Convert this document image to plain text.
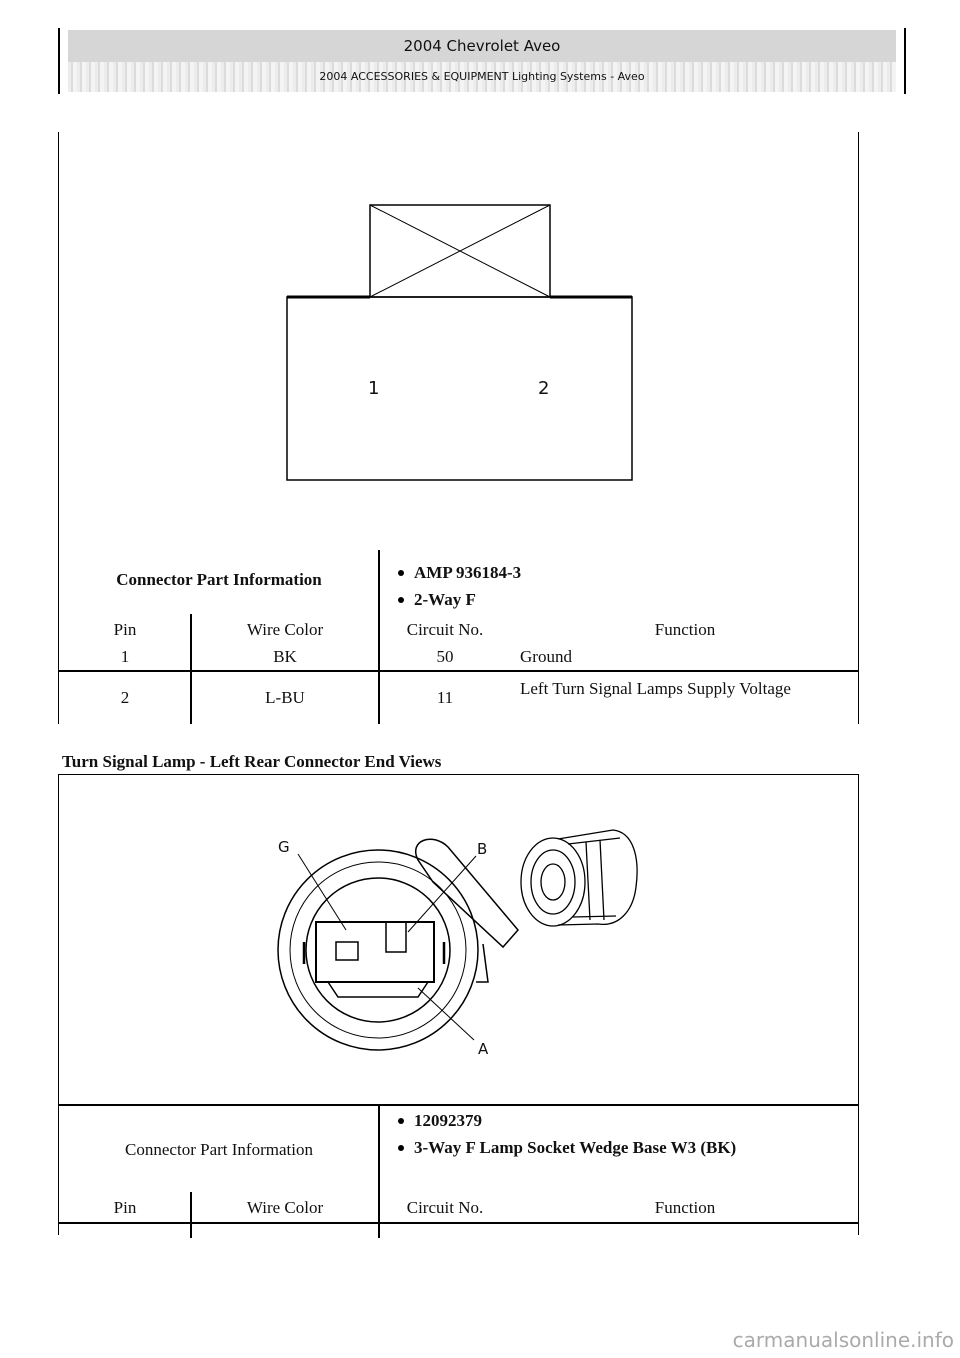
2004 Chevrolet Aveo
2004 ACCESSORIES & EQUIPMENT Lighting Systems - Aveo
1	2
Connector Part Information	AMP 936184-3
2-Way F
Pin	Wire Color	Circuit No.	Function
1	BK	50	Ground
2	L-BU	11	Left Turn Signal Lamps Supply Voltage
Turn Signal Lamp - Left Rear Connector End Views
G	B
A
Connector Part Information
12092379
3-Way F Lamp Socket Wedge Base W3 (BK)
Pin	Wire Color	Circuit No.	Function
carmanualsonline.info
